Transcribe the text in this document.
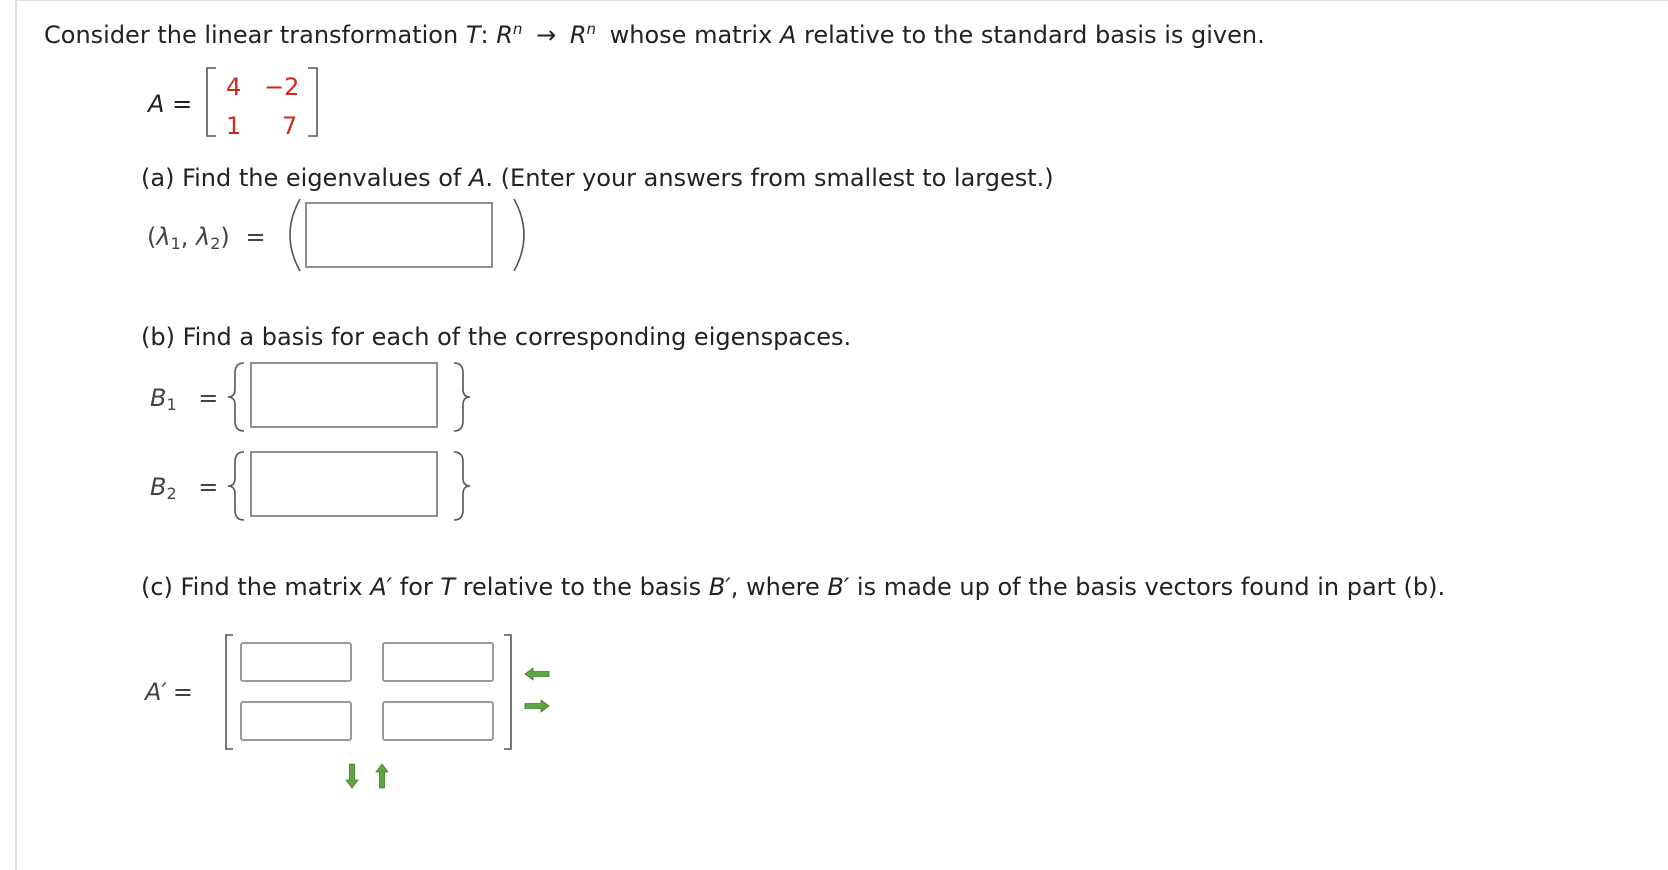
Consider the linear transformation T: $R^n \to R^n$ whose matrix A relative to the standard basis is given.
A =
4 −2
1 7
(a) Find the eigenvalues of A. (Enter your answers from smallest to largest.)
($\lambda_1$, $\lambda_2$) =
(b) Find a basis for each of the corresponding eigenspaces.
$B_1$ =
$B_2$ =
(c) Find the matrix A′ for T relative to the basis B′, where B′ is made up of the basis vectors found in part (b).
A′ =
